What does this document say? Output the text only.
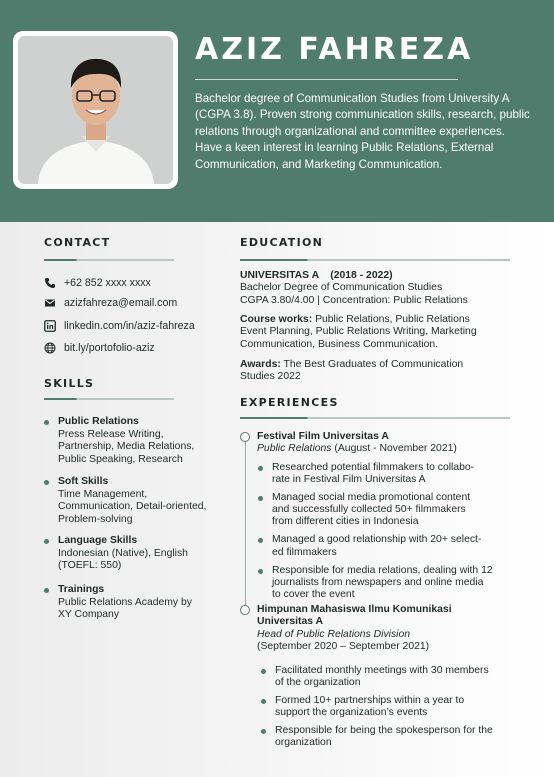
AZIZ FAHREZA
Bachelor degree of Communication Studies from University A (CGPA 3.8). Proven strong communication skills, research, public relations through organizational and committee experiences. Have a keen interest in learning Public Relations, External Communication, and Marketing Communication.
CONTACT
+62 852 xxxx xxxx
azizfahreza@email.com
linkedin.com/in/aziz-fahreza
bit.ly/portofolio-aziz
SKILLS
Public Relations
Press Release Writing,
Partnership, Media Relations,
Public Speaking, Research
Soft Skills
Time Management,
Communication, Detail-oriented,
Problem-solving
Language Skills
Indonesian (Native), English
(TOEFL: 550)
Trainings
Public Relations Academy by
XY Company
EDUCATION
UNIVERSITAS A    (2018 - 2022)
Bachelor Degree of Communication Studies
CGPA 3.80/4.00 | Concentration: Public Relations
Course works: Public Relations, Public Relations
Event Planning, Public Relations Writing, Marketing
Communication, Business Communication.
Awards: The Best Graduates of Communication
Studies 2022
EXPERIENCES
Festival Film Universitas A
Public Relations (August - November 2021)
Researched potential filmmakers to collabo-
rate in Festival Film Universitas A
Managed social media promotional content
and successfully collected 50+ filmmakers
from different cities in Indonesia
Managed a good relationship with 20+ select-
ed filmmakers
Responsible for media relations, dealing with 12
journalists from newspapers and online media
to cover the event
Himpunan Mahasiswa Ilmu Komunikasi
Universitas A
Head of Public Relations Division
(September 2020 – September 2021)
Facilitated monthly meetings with 30 members
of the organization
Formed 10+ partnerships within a year to
support the organization’s events
Responsible for being the spokesperson for the
organization
